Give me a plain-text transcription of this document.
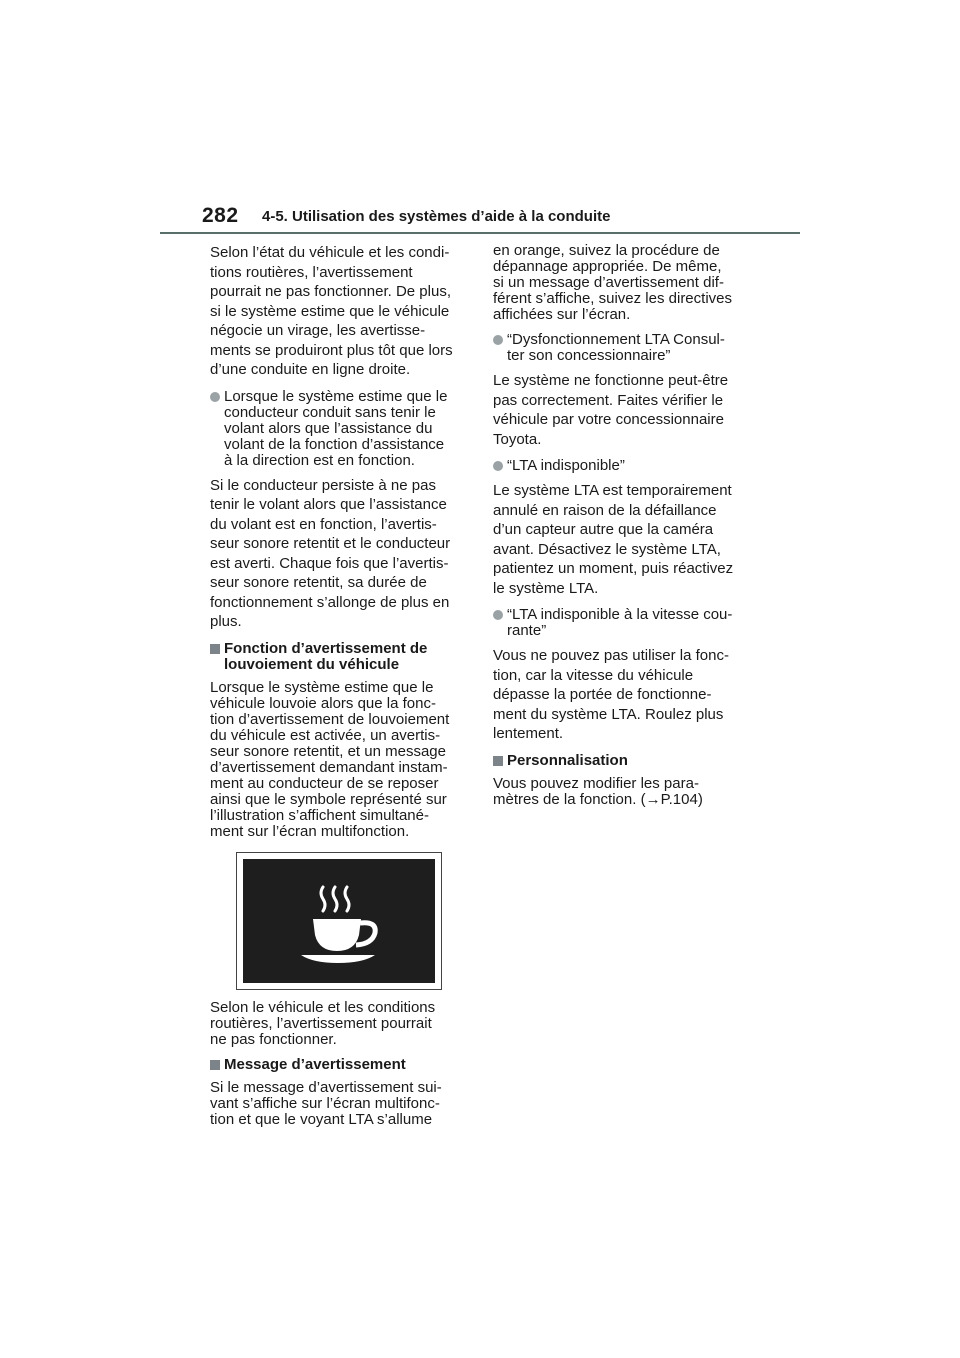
282 4-5. Utilisation des systèmes d’aide à la conduite
Selon l’état du véhicule et les condi-
tions routières, l’avertissement
pourrait ne pas fonctionner. De plus,
si le système estime que le véhicule
négocie un virage, les avertisse-
ments se produiront plus tôt que lors
d’une conduite en ligne droite.
Lorsque le système estime que le
conducteur conduit sans tenir le
volant alors que l’assistance du
volant de la fonction d’assistance
à la direction est en fonction.
Si le conducteur persiste à ne pas
tenir le volant alors que l’assistance
du volant est en fonction, l’avertis-
seur sonore retentit et le conducteur
est averti. Chaque fois que l’avertis-
seur sonore retentit, sa durée de
fonctionnement s’allonge de plus en
plus.
Fonction d’avertissement de
louvoiement du véhicule
Lorsque le système estime que le
véhicule louvoie alors que la fonc-
tion d’avertissement de louvoiement
du véhicule est activée, un avertis-
seur sonore retentit, et un message
d’avertissement demandant instam-
ment au conducteur de se reposer
ainsi que le symbole représenté sur
l’illustration s’affichent simultané-
ment sur l’écran multifonction.
Selon le véhicule et les conditions
routières, l’avertissement pourrait
ne pas fonctionner.
Message d’avertissement
Si le message d’avertissement sui-
vant s’affiche sur l’écran multifonc-
tion et que le voyant LTA s’allume
en orange, suivez la procédure de
dépannage appropriée. De même,
si un message d’avertissement dif-
férent s’affiche, suivez les directives
affichées sur l’écran.
“Dysfonctionnement LTA Consul-
ter son concessionnaire”
Le système ne fonctionne peut-être
pas correctement. Faites vérifier le
véhicule par votre concessionnaire
Toyota.
“LTA indisponible”
Le système LTA est temporairement
annulé en raison de la défaillance
d’un capteur autre que la caméra
avant. Désactivez le système LTA,
patientez un moment, puis réactivez
le système LTA.
“LTA indisponible à la vitesse cou-
rante”
Vous ne pouvez pas utiliser la fonc-
tion, car la vitesse du véhicule
dépasse la portée de fonctionne-
ment du système LTA. Roulez plus
lentement.
Personnalisation
Vous pouvez modifier les para-
mètres de la fonction. (→P.104)
